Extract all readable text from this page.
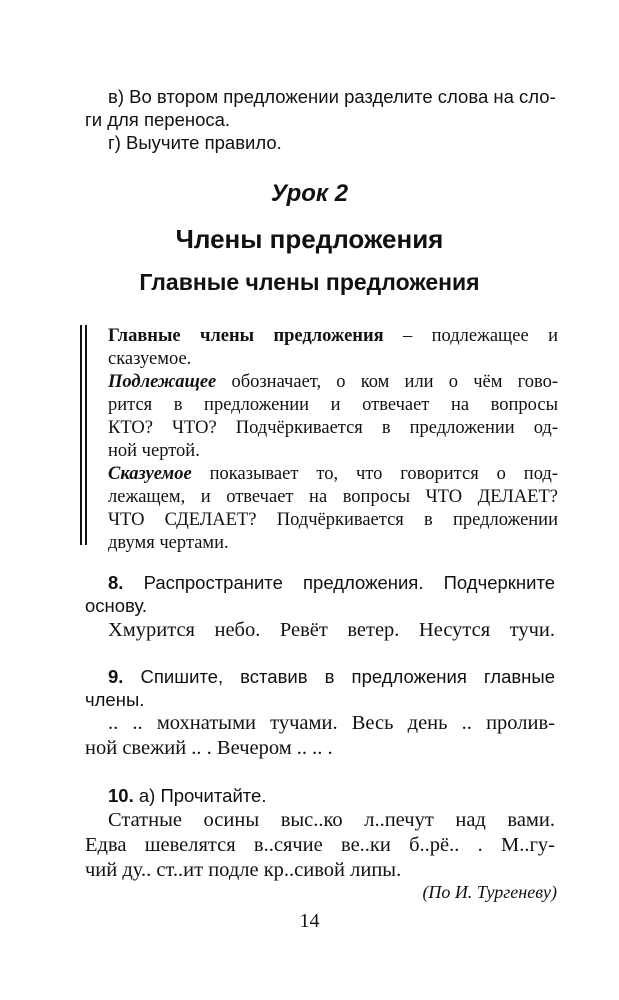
в) Во втором предложении разделите слова на сло-
ги для переноса.
г) Выучите правило.
Урок 2
Члены предложения
Главные члены предложения
Главные члены предложения – подлежащее и
сказуемое.
Подлежащее обозначает, о ком или о чём гово-
рится в предложении и отвечает на вопросы
КТО? ЧТО? Подчёркивается в предложении од-
ной чертой.
Сказуемое показывает то, что говорится о под-
лежащем, и отвечает на вопросы ЧТО ДЕЛАЕТ?
ЧТО СДЕЛАЕТ? Подчёркивается в предложении
двумя чертами.
8. Распространите предложения. Подчеркните
основу.
Хмурится небо. Ревёт ветер. Несутся тучи.
9. Спишите, вставив в предложения главные
члены.
.. .. мохнатыми тучами. Весь день .. пролив-
ной свежий .. . Вечером .. .. .
10. а) Прочитайте.
Статные осины выс..ко л..печут над вами.
Едва шевелятся в..сячие ве..ки б..рё.. . М..гу-
чий ду.. ст..ит подле кр..сивой липы.
(По И. Тургеневу)
14
